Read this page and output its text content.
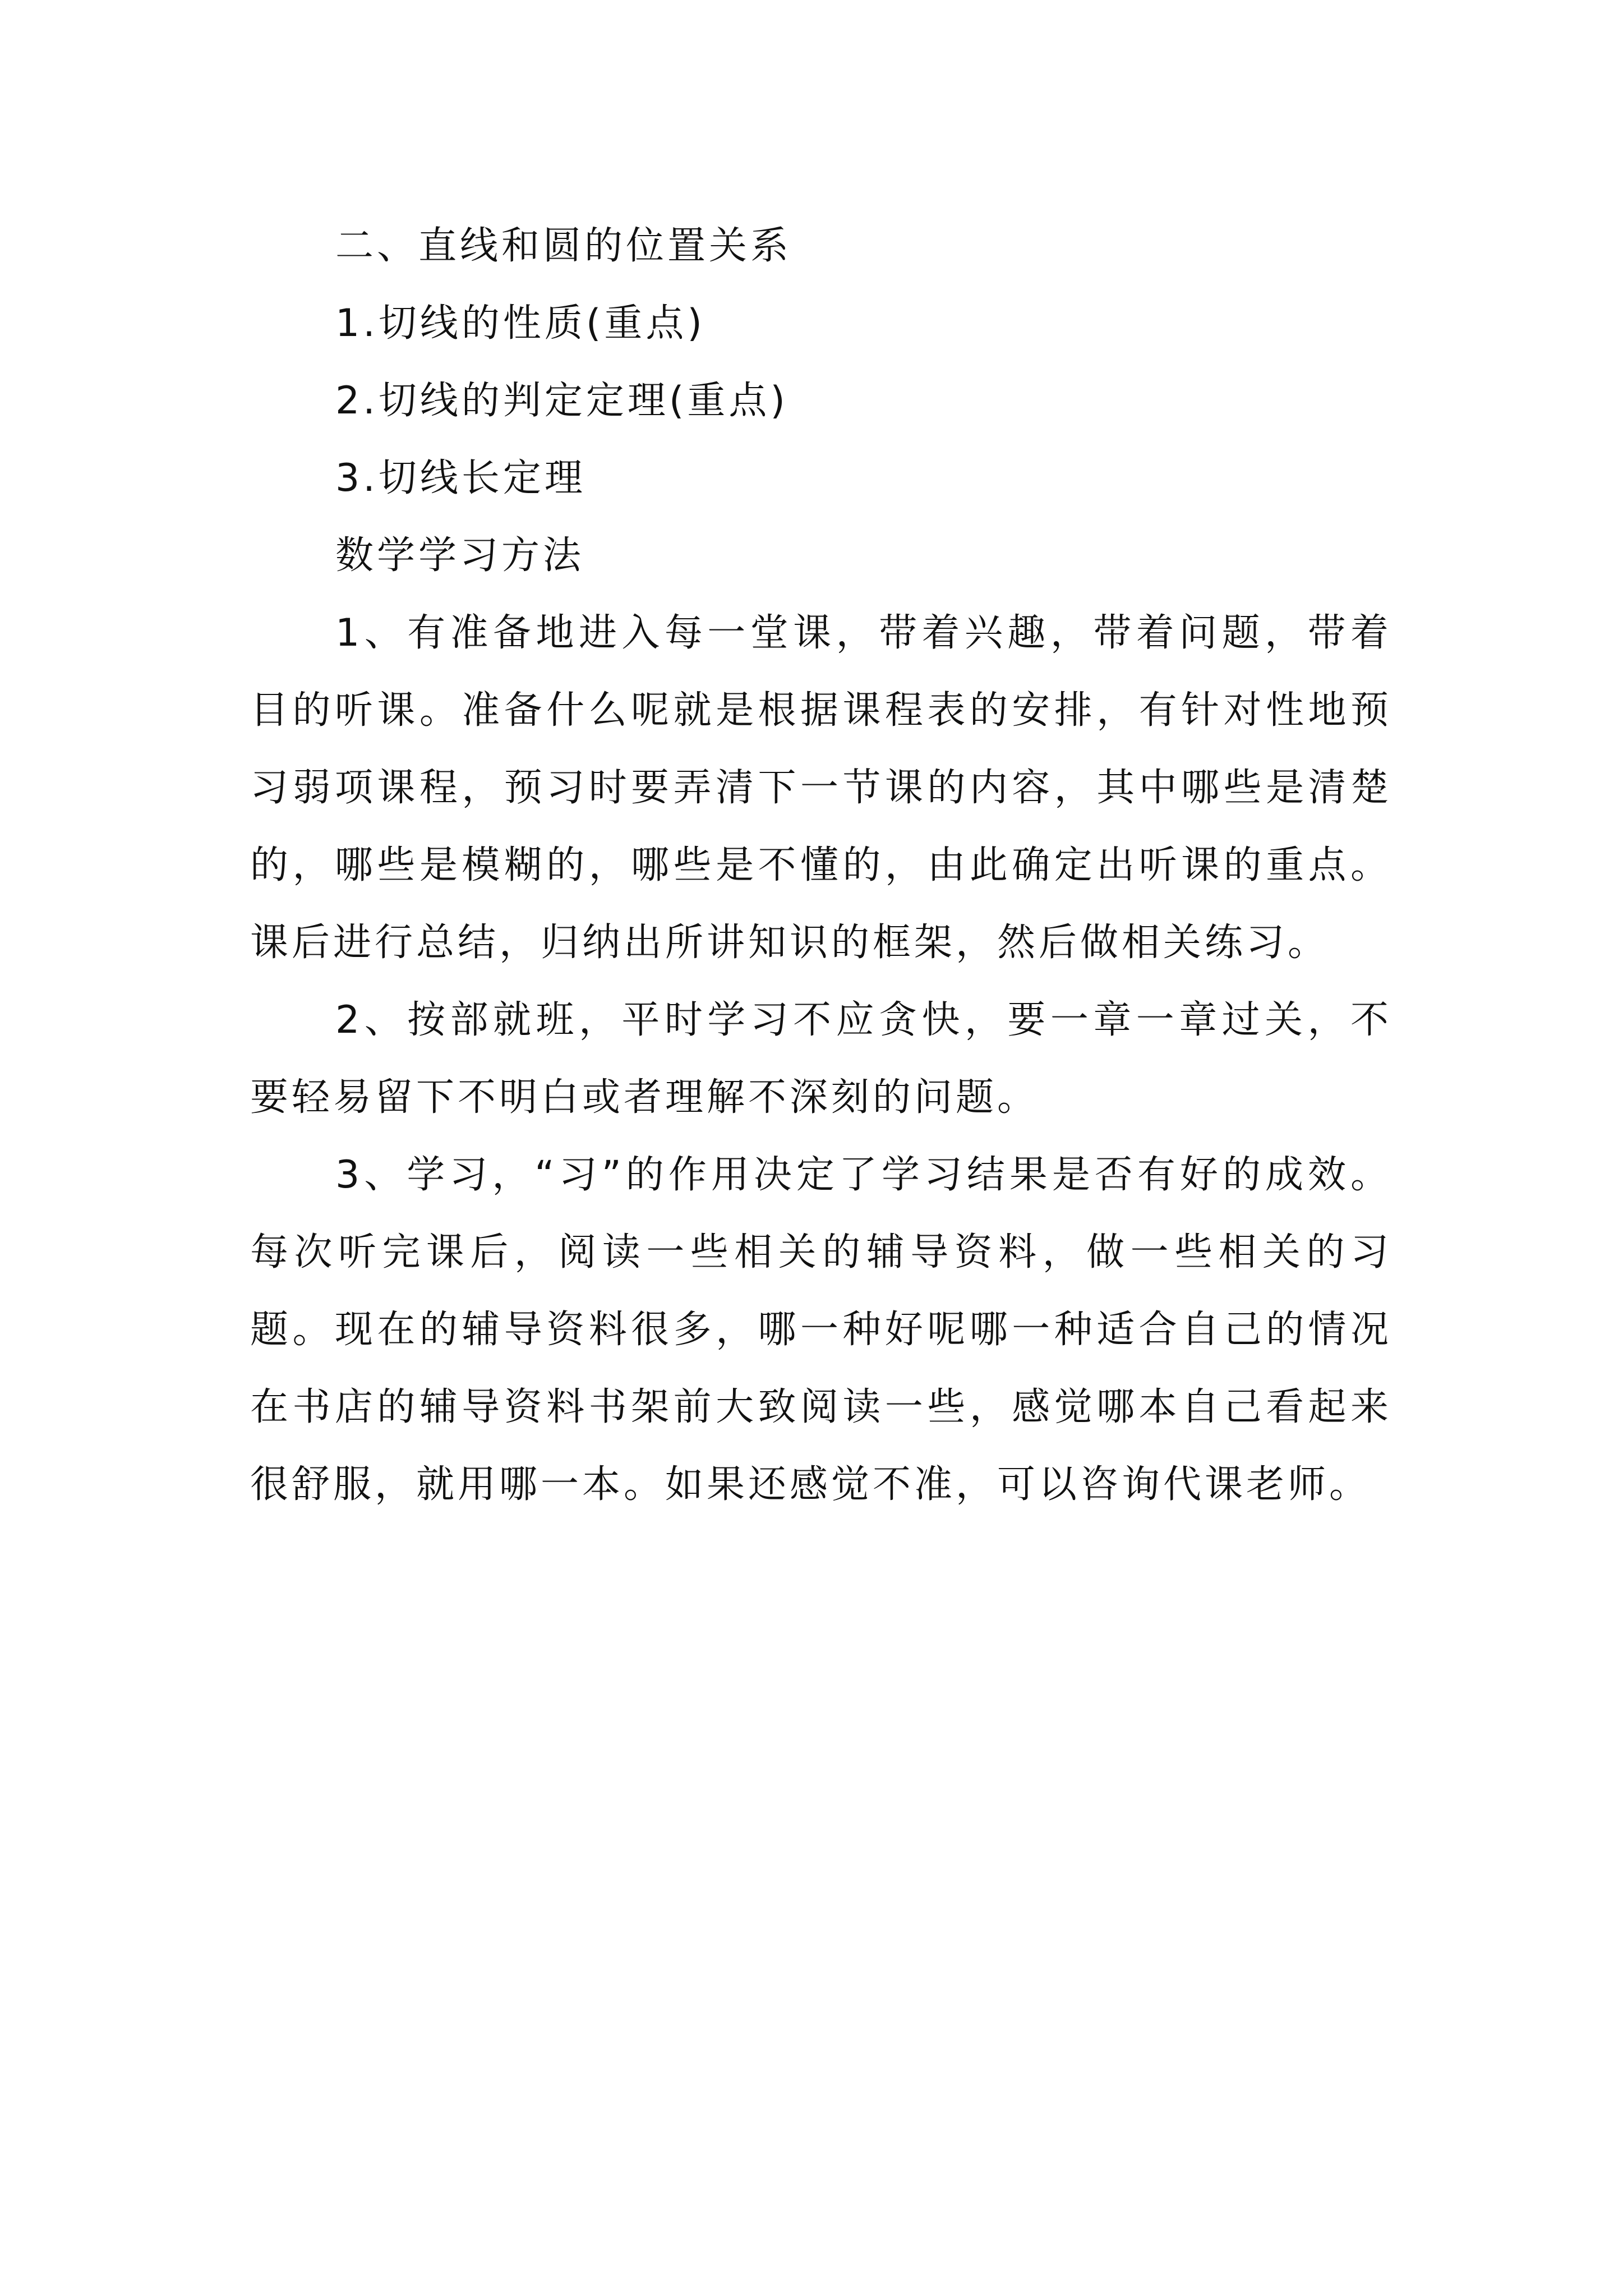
二、直线和圆的位置关系
1.切线的性质(重点)
2.切线的判定定理(重点)
3.切线长定理
数学学习方法

1、有准备地进入每一堂课，带着兴趣，带着问题，带着目的听课。准备什么呢就是根据课程表的安排，有针对性地预习弱项课程，预习时要弄清下一节课的内容，其中哪些是清楚的，哪些是模糊的，哪些是不懂的，由此确定出听课的重点。课后进行总结，归纳出所讲知识的框架，然后做相关练习。

2、按部就班，平时学习不应贪快，要一章一章过关，不要轻易留下不明白或者理解不深刻的问题。

3、学习，“习”的作用决定了学习结果是否有好的成效。每次听完课后，阅读一些相关的辅导资料，做一些相关的习题。现在的辅导资料很多，哪一种好呢哪一种适合自己的情况在书店的辅导资料书架前大致阅读一些，感觉哪本自己看起来很舒服，就用哪一本。如果还感觉不准，可以咨询代课老师。
